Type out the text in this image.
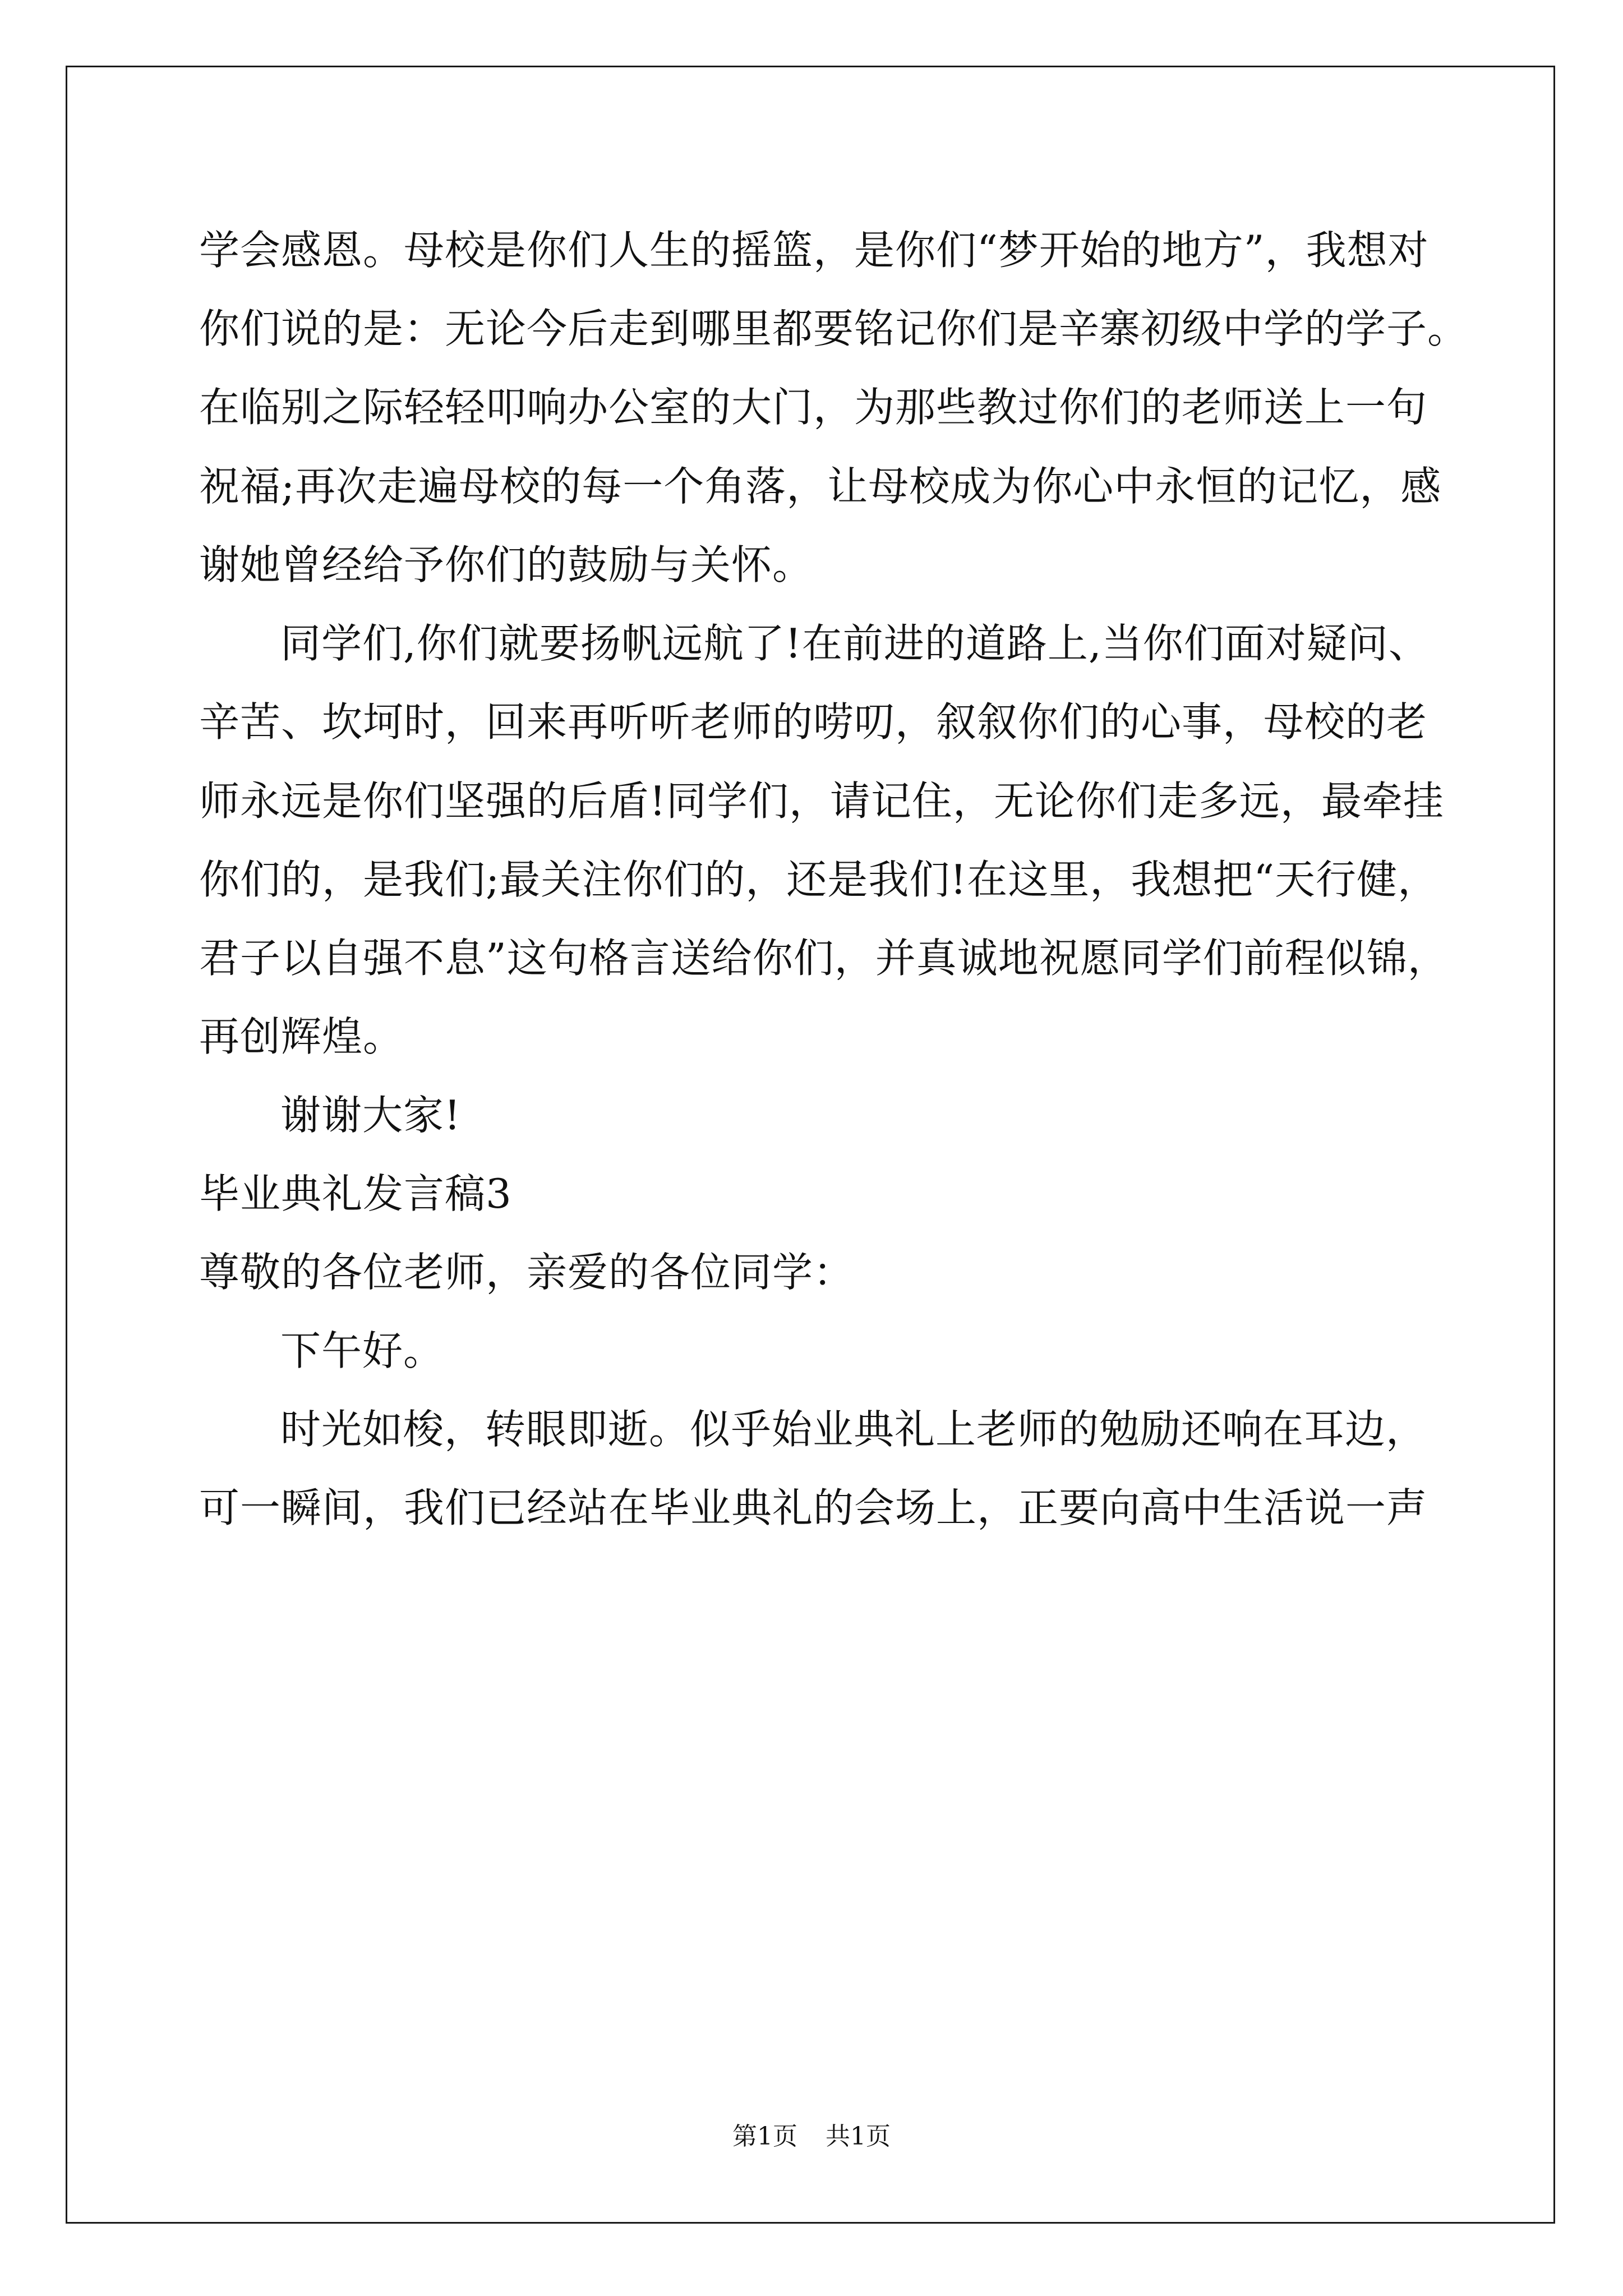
学会感恩。母校是你们人生的摇篮，是你们“梦开始的地方”，我想对

你们说的是：无论今后走到哪里都要铭记你们是辛寨初级中学的学子。

在临别之际轻轻叩响办公室的大门，为那些教过你们的老师送上一句

祝福;再次走遍母校的每一个角落，让母校成为你心中永恒的记忆，感

谢她曾经给予你们的鼓励与关怀。

同学们,你们就要扬帆远航了!在前进的道路上,当你们面对疑问、

辛苦、坎坷时，回来再听听老师的唠叨，叙叙你们的心事，母校的老

师永远是你们坚强的后盾!同学们，请记住，无论你们走多远，最牵挂

你们的，是我们;最关注你们的，还是我们!在这里，我想把“天行健，

君子以自强不息”这句格言送给你们，并真诚地祝愿同学们前程似锦，

再创辉煌。

谢谢大家!

毕业典礼发言稿3

尊敬的各位老师，亲爱的各位同学：

下午好。

时光如梭，转眼即逝。似乎始业典礼上老师的勉励还响在耳边，

可一瞬间，我们已经站在毕业典礼的会场上，正要向高中生活说一声

第1页 共1页
